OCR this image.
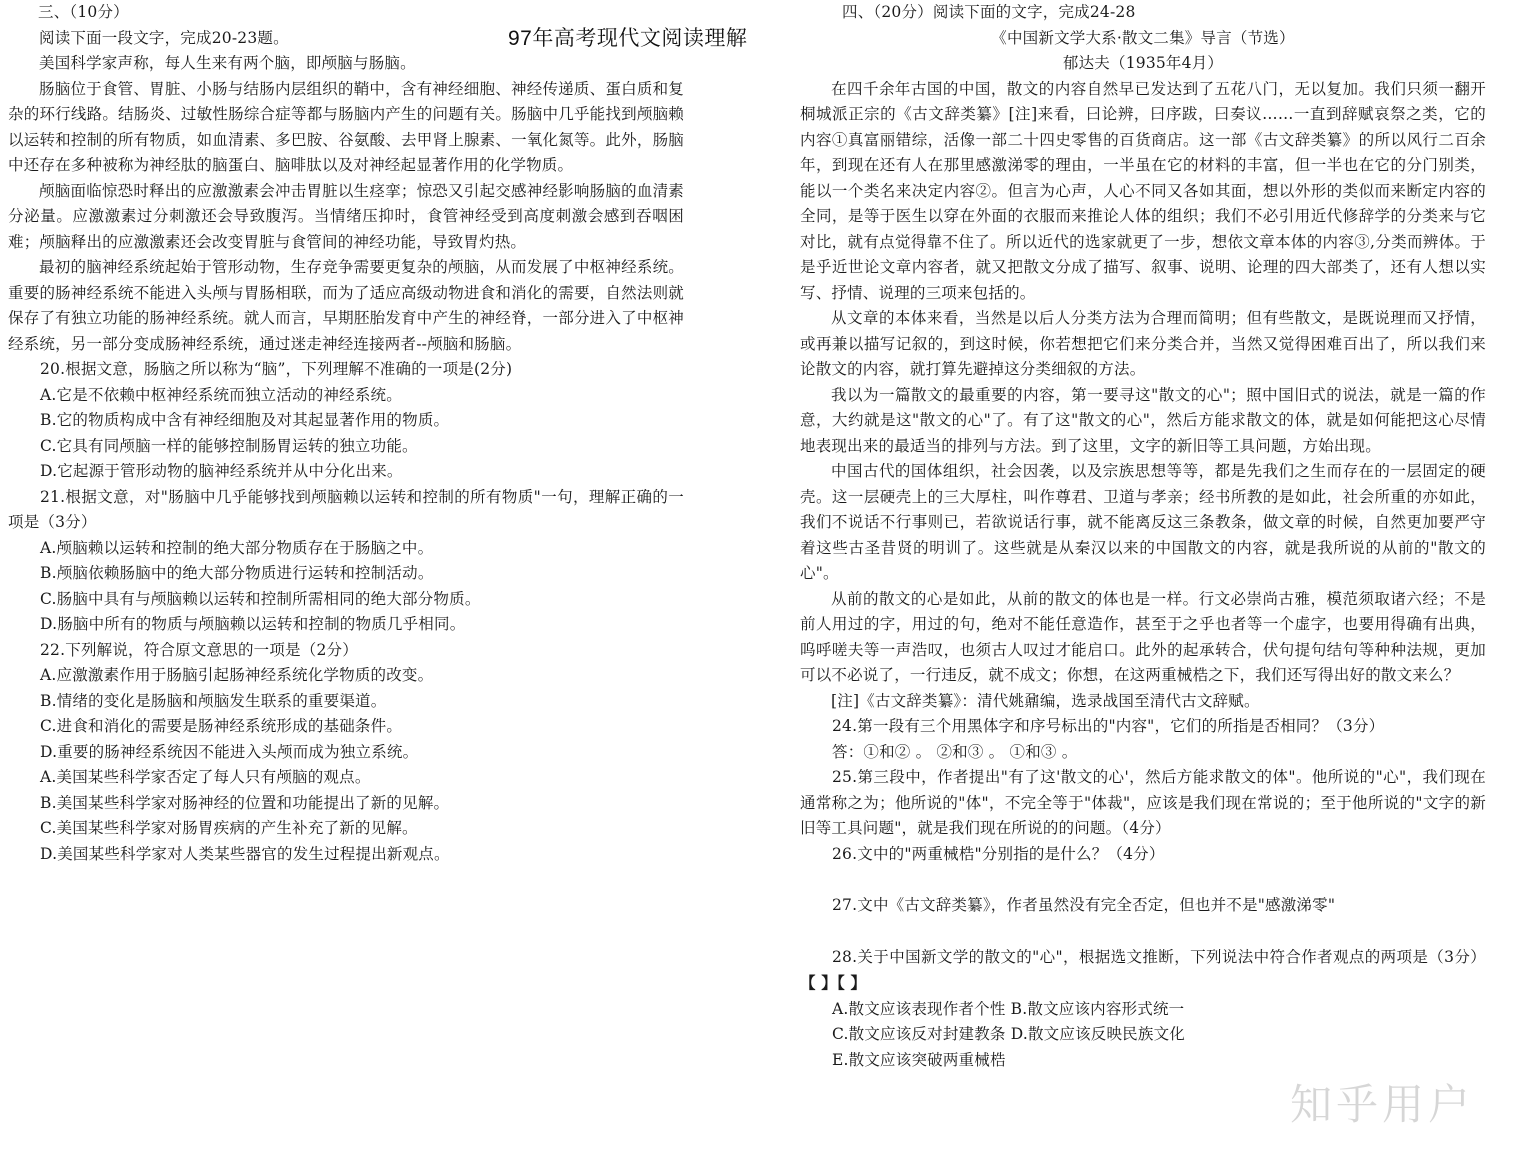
97年高考现代文阅读理解

三、（10分）

阅读下面一段文字，完成20-23题。

美国科学家声称，每人生来有两个脑，即颅脑与肠脑。

肠脑位于食管、胃脏、小肠与结肠内层组织的鞘中，含有神经细胞、神经传递质、蛋白质和复杂的环行线路。结肠炎、过敏性肠综合症等都与肠脑内产生的问题有关。肠脑中几乎能找到颅脑赖以运转和控制的所有物质，如血清素、多巴胺、谷氨酸、去甲肾上腺素、一氧化氮等。此外，肠脑中还存在多种被称为神经肽的脑蛋白、脑啡肽以及对神经起显著作用的化学物质。

颅脑面临惊恐时释出的应激激素会冲击胃脏以生痉挛；惊恐又引起交感神经影响肠脑的血清素分泌量。应激激素过分刺激还会导致腹泻。当情绪压抑时，食管神经受到高度刺激会感到吞咽困难；颅脑释出的应激激素还会改变胃脏与食管间的神经功能，导致胃灼热。

最初的脑神经系统起始于管形动物，生存竞争需要更复杂的颅脑，从而发展了中枢神经系统。重要的肠神经系统不能进入头颅与胃肠相联，而为了适应高级动物进食和消化的需要，自然法则就保存了有独立功能的肠神经系统。就人而言，早期胚胎发育中产生的神经脊，一部分进入了中枢神经系统，另一部分变成肠神经系统，通过迷走神经连接两者--颅脑和肠脑。

20.根据文意，肠脑之所以称为“脑”，下列理解不准确的一项是(2分)

A.它是不依赖中枢神经系统而独立活动的神经系统。

B.它的物质构成中含有神经细胞及对其起显著作用的物质。

C.它具有同颅脑一样的能够控制肠胃运转的独立功能。

D.它起源于管形动物的脑神经系统并从中分化出来。

21.根据文意，对"肠脑中几乎能够找到颅脑赖以运转和控制的所有物质"一句，理解正确的一项是（3分）

A.颅脑赖以运转和控制的绝大部分物质存在于肠脑之中。

B.颅脑依赖肠脑中的绝大部分物质进行运转和控制活动。

C.肠脑中具有与颅脑赖以运转和控制所需相同的绝大部分物质。

D.肠脑中所有的物质与颅脑赖以运转和控制的物质几乎相同。

22.下列解说，符合原文意思的一项是（2分）

A.应激激素作用于肠脑引起肠神经系统化学物质的改变。

B.情绪的变化是肠脑和颅脑发生联系的重要渠道。

C.进食和消化的需要是肠神经系统形成的基础条件。

D.重要的肠神经系统因不能进入头颅而成为独立系统。

A.美国某些科学家否定了每人只有颅脑的观点。

B.美国某些科学家对肠神经的位置和功能提出了新的见解。

C.美国某些科学家对肠胃疾病的产生补充了新的见解。

D.美国某些科学家对人类某些器官的发生过程提出新观点。

四、（20分）阅读下面的文字，完成24-28

《中国新文学大系·散文二集》导言（节选）

郁达夫（1935年4月）

在四千余年古国的中国，散文的内容自然早已发达到了五花八门，无以复加。我们只须一翻开桐城派正宗的《古文辞类纂》[注]来看，曰论辨，曰序跋，曰奏议……一直到辞赋哀祭之类，它的内容①真富丽错综，活像一部二十四史零售的百货商店。这一部《古文辞类纂》的所以风行二百余年，到现在还有人在那里感激涕零的理由，一半虽在它的材料的丰富，但一半也在它的分门别类，能以一个类名来决定内容②。但言为心声，人心不同又各如其面，想以外形的类似而来断定内容的全同，是等于医生以穿在外面的衣服而来推论人体的组织；我们不必引用近代修辞学的分类来与它对比，就有点觉得靠不住了。所以近代的选家就更了一步，想依文章本体的内容③,分类而辨体。于是乎近世论文章内容者，就又把散文分成了描写、叙事、说明、论理的四大部类了，还有人想以实写、抒情、说理的三项来包括的。

从文章的本体来看，当然是以后人分类方法为合理而简明；但有些散文，是既说理而又抒情，或再兼以描写记叙的，到这时候，你若想把它们来分类合并，当然又觉得困难百出了，所以我们来论散文的内容，就打算先避掉这分类细叙的方法。

我以为一篇散文的最重要的内容，第一要寻这"散文的心"；照中国旧式的说法，就是一篇的作意，大约就是这"散文的心"了。有了这"散文的心"，然后方能求散文的体，就是如何能把这心尽情地表现出来的最适当的排列与方法。到了这里，文字的新旧等工具问题，方始出现。

中国古代的国体组织，社会因袭，以及宗族思想等等，都是先我们之生而存在的一层固定的硬壳。这一层硬壳上的三大厚柱，叫作尊君、卫道与孝亲；经书所教的是如此，社会所重的亦如此，我们不说话不行事则已，若欲说话行事，就不能离反这三条教条，做文章的时候，自然更加要严守着这些古圣昔贤的明训了。这些就是从秦汉以来的中国散文的内容，就是我所说的从前的"散文的心"。

从前的散文的心是如此，从前的散文的体也是一样。行文必崇尚古雅，模范须取诸六经；不是前人用过的字，用过的句，绝对不能任意造作，甚至于之乎也者等一个虚字，也要用得确有出典，呜呼嗟夫等一声浩叹，也须古人叹过才能启口。此外的起承转合，伏句提句结句等种种法规，更加可以不必说了，一行违反，就不成文；你想，在这两重械梏之下，我们还写得出好的散文来么？

[注]《古文辞类纂》：清代姚鼐编，选录战国至清代古文辞赋。

24.第一段有三个用黑体字和序号标出的"内容"，它们的所指是否相同？（3分）

答：①和② 。 ②和③ 。 ①和③ 。

25.第三段中，作者提出"有了这'散文的心'，然后方能求散文的体"。他所说的"心"，我们现在通常称之为；他所说的"体"，不完全等于"体裁"，应该是我们现在常说的；至于他所说的"文字的新旧等工具问题"，就是我们现在所说的的问题。（4分）

26.文中的"两重械梏"分别指的是什么？（4分）

27.文中《古文辞类纂》，作者虽然没有完全否定，但也并不是"感激涕零"

28.关于中国新文学的散文的"心"，根据选文推断，下列说法中符合作者观点的两项是（3分） 【 】【 】

A.散文应该表现作者个性 B.散文应该内容形式统一

C.散文应该反对封建教条 D.散文应该反映民族文化

E.散文应该突破两重械梏

知乎用户
